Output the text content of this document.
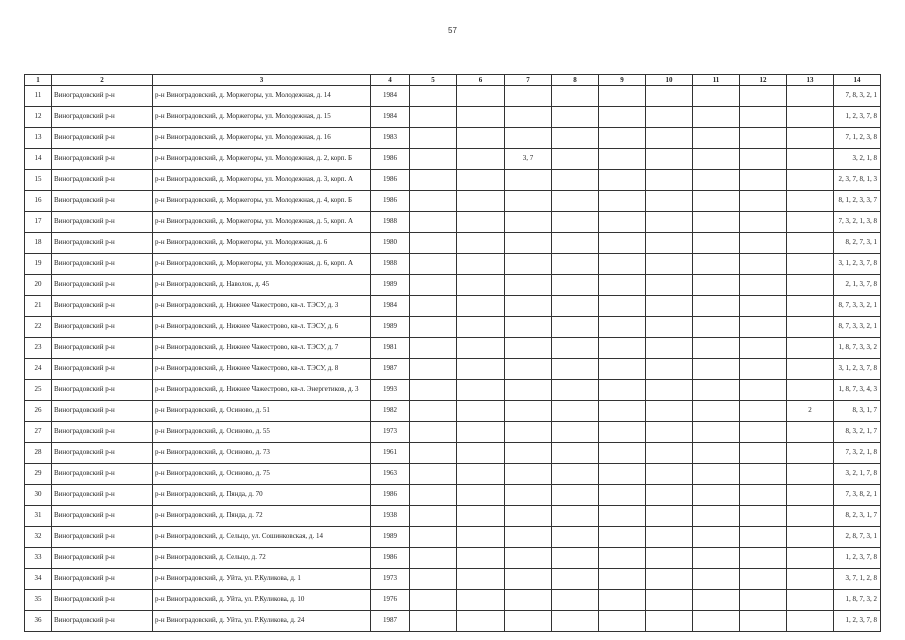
57
1	2	3	4	5	6	7	8	9	10	11	12	13	14
11	Виноградовский р-н	р-н Виноградовский, д. Моржегоры, ул. Молодежная, д. 14	1984										7, 8, 3, 2, 1
12	Виноградовский р-н	р-н Виноградовский, д. Моржегоры, ул. Молодежная, д. 15	1984										1, 2, 3, 7, 8
13	Виноградовский р-н	р-н Виноградовский, д. Моржегоры, ул. Молодежная, д. 16	1983										7, 1, 2, 3, 8
14	Виноградовский р-н	р-н Виноградовский, д. Моржегоры, ул. Молодежная, д. 2, корп. Б	1986			3, 7							3, 2, 1, 8
15	Виноградовский р-н	р-н Виноградовский, д. Моржегоры, ул. Молодежная, д. 3, корп. А	1986										2, 3, 7, 8, 1, 3
16	Виноградовский р-н	р-н Виноградовский, д. Моржегоры, ул. Молодежная, д. 4, корп. Б	1986										8, 1, 2, 3, 3, 7
17	Виноградовский р-н	р-н Виноградовский, д. Моржегоры, ул. Молодежная, д. 5, корп. А	1988										7, 3, 2, 1, 3, 8
18	Виноградовский р-н	р-н Виноградовский, д. Моржегоры, ул. Молодежная, д. 6	1980										8, 2, 7, 3, 1
19	Виноградовский р-н	р-н Виноградовский, д. Моржегоры, ул. Молодежная, д. 6, корп. А	1988										3, 1, 2, 3, 7, 8
20	Виноградовский р-н	р-н Виноградовский, д. Наволок, д. 45	1989										2, 1, 3, 7, 8
21	Виноградовский р-н	р-н Виноградовский, д. Нижнее Чажестрово, кв-л. ТЭСУ, д. 3	1984										8, 7, 3, 3, 2, 1
22	Виноградовский р-н	р-н Виноградовский, д. Нижнее Чажестрово, кв-л. ТЭСУ, д. 6	1989										8, 7, 3, 3, 2, 1
23	Виноградовский р-н	р-н Виноградовский, д. Нижнее Чажестрово, кв-л. ТЭСУ, д. 7	1981										1, 8, 7, 3, 3, 2
24	Виноградовский р-н	р-н Виноградовский, д. Нижнее Чажестрово, кв-л. ТЭСУ, д. 8	1987										3, 1, 2, 3, 7, 8
25	Виноградовский р-н	р-н Виноградовский, д. Нижнее Чажестрово, кв-л. Энергетиков, д. 3	1993										1, 8, 7, 3, 4, 3
26	Виноградовский р-н	р-н Виноградовский, д. Осиново, д. 51	1982									2	8, 3, 1, 7
27	Виноградовский р-н	р-н Виноградовский, д. Осиново, д. 55	1973										8, 3, 2, 1, 7
28	Виноградовский р-н	р-н Виноградовский, д. Осиново, д. 73	1961										7, 3, 2, 1, 8
29	Виноградовский р-н	р-н Виноградовский, д. Осиново, д. 75	1963										3, 2, 1, 7, 8
30	Виноградовский р-н	р-н Виноградовский, д. Пянда, д. 70	1986										7, 3, 8, 2, 1
31	Виноградовский р-н	р-н Виноградовский, д. Пянда, д. 72	1938										8, 2, 3, 1, 7
32	Виноградовский р-н	р-н Виноградовский, д. Сельцо, ул. Сошинковская, д. 14	1989										2, 8, 7, 3, 1
33	Виноградовский р-н	р-н Виноградовский, д. Сельцо, д. 72	1986										1, 2, 3, 7, 8
34	Виноградовский р-н	р-н Виноградовский, д. Уйта, ул. Р.Куликова, д. 1	1973										3, 7, 1, 2, 8
35	Виноградовский р-н	р-н Виноградовский, д. Уйта, ул. Р.Куликова, д. 10	1976										1, 8, 7, 3, 2
36	Виноградовский р-н	р-н Виноградовский, д. Уйта, ул. Р.Куликова, д. 24	1987										1, 2, 3, 7, 8
